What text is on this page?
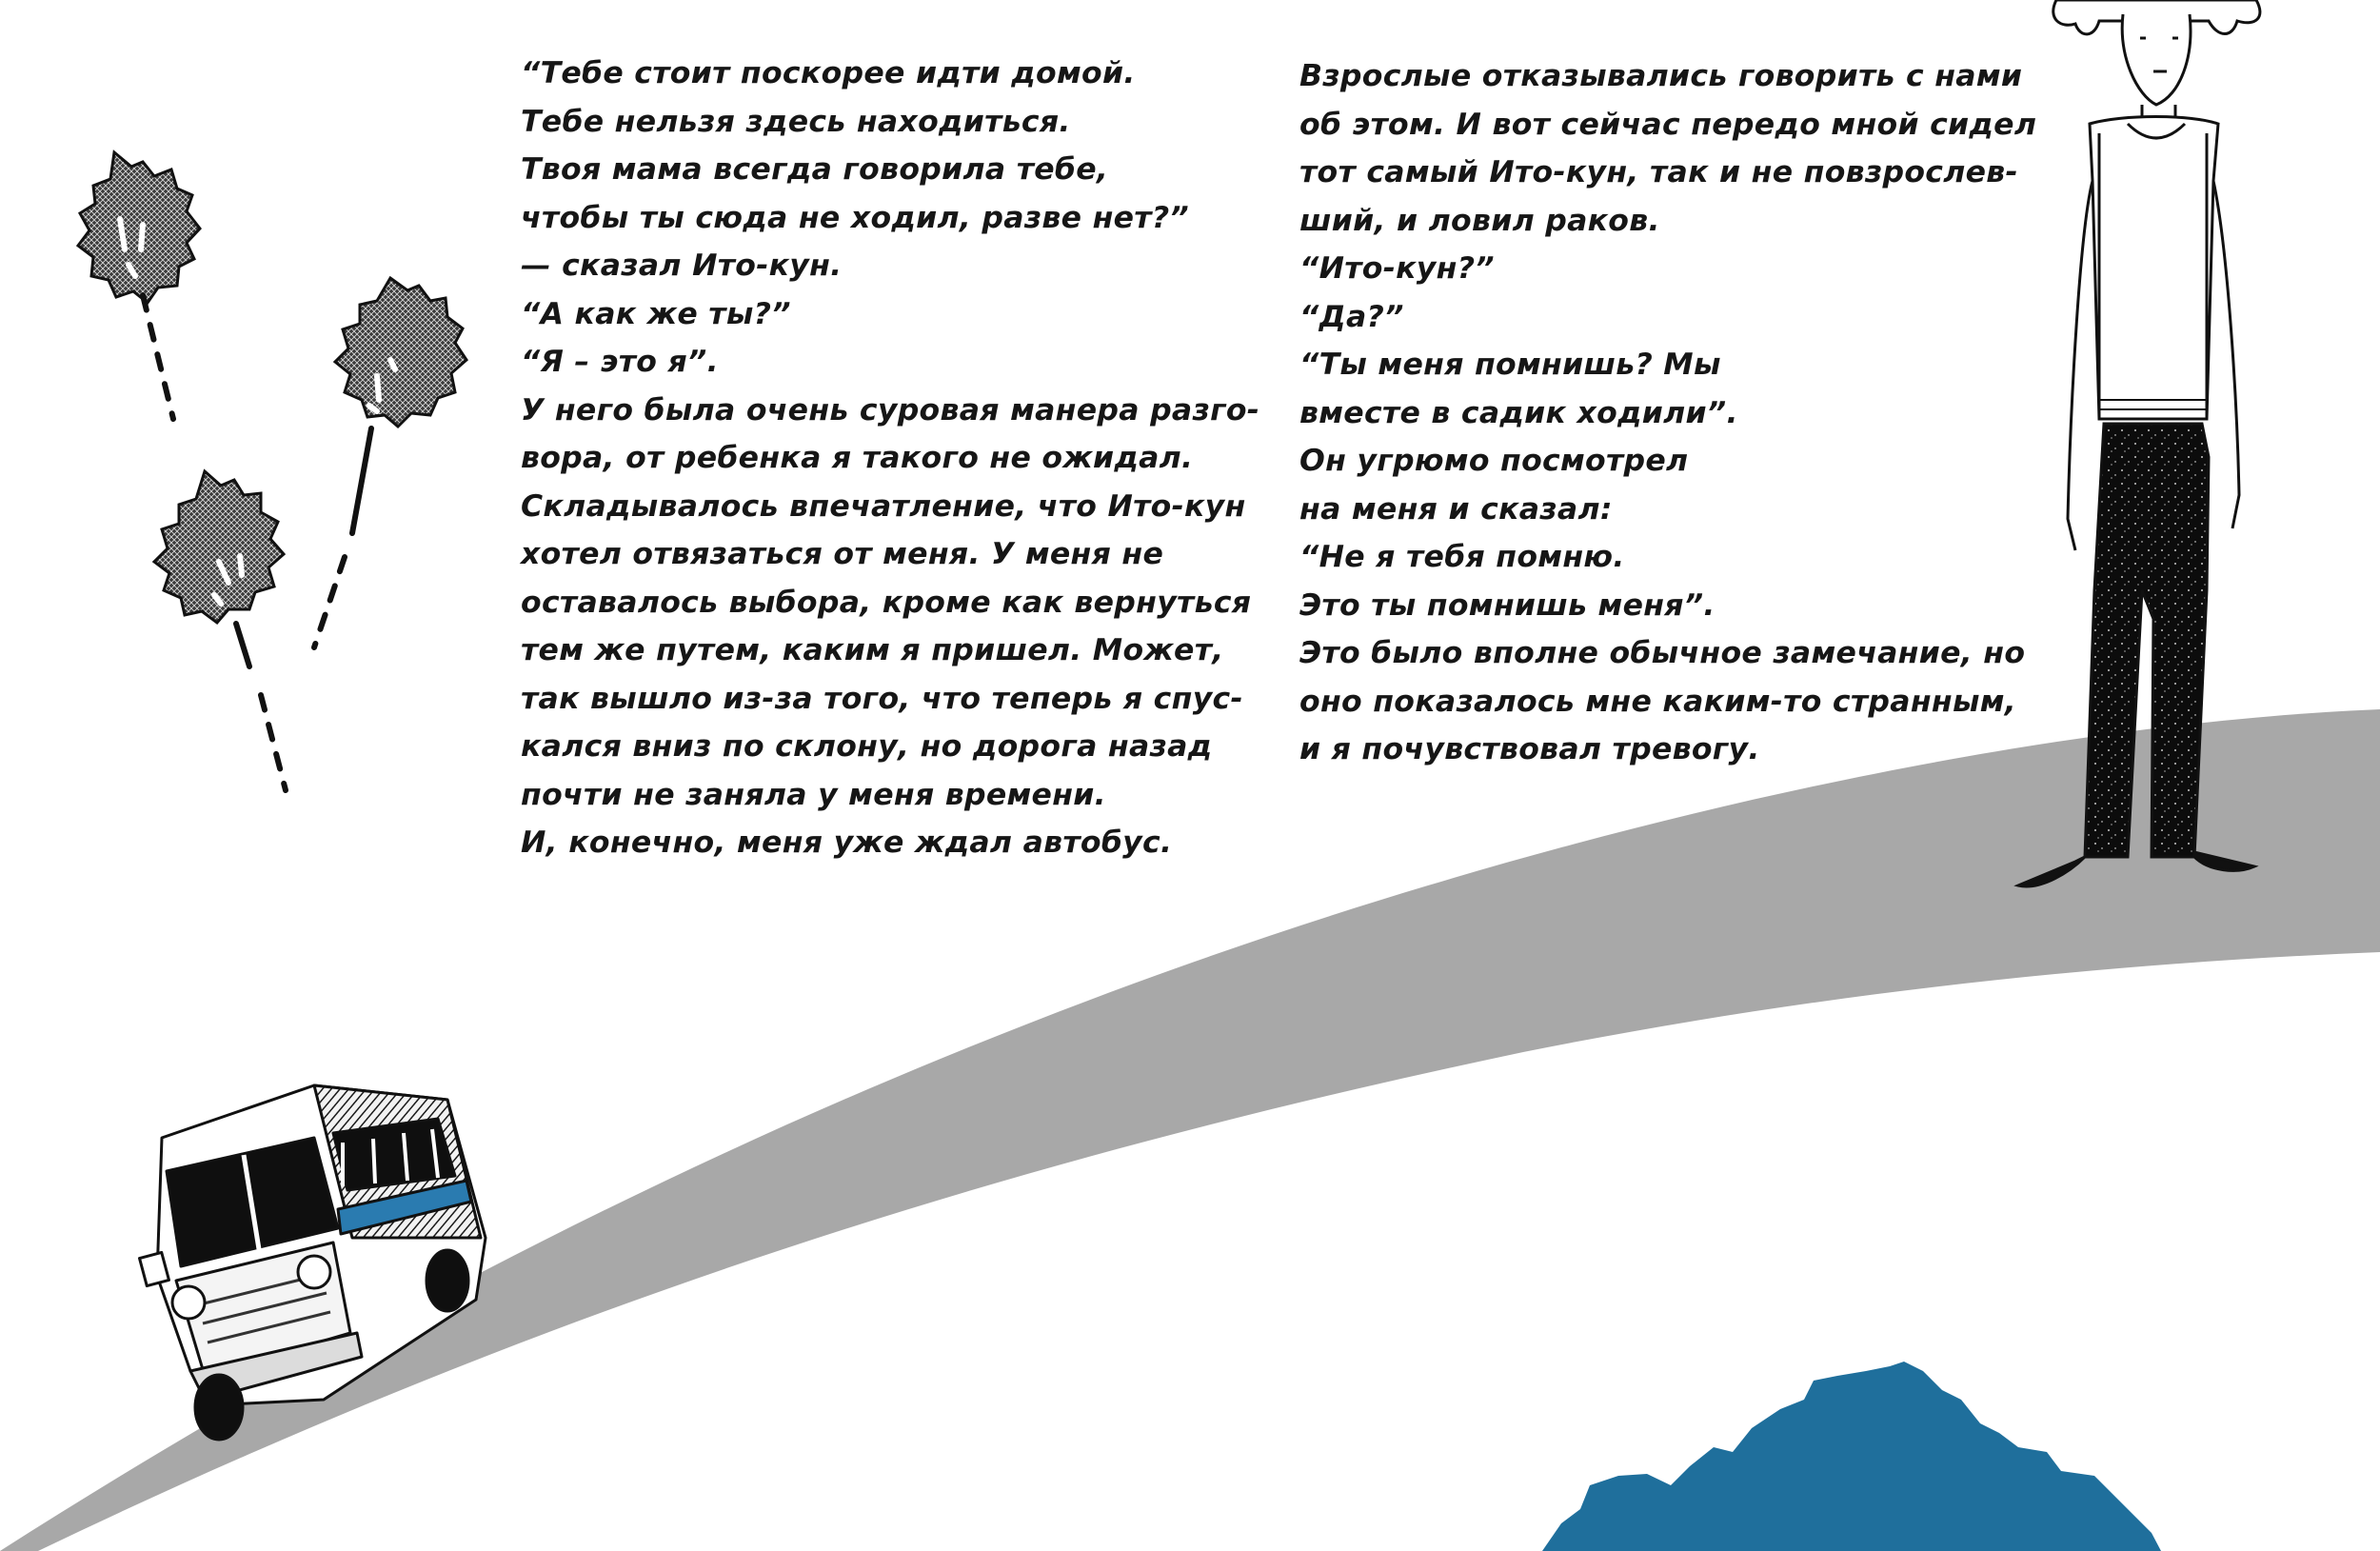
“Тебе стоит поскорее идти домой.
Тебе нельзя здесь находиться.
Твоя мама всегда говорила тебе,
чтобы ты сюда не ходил, разве нет?”
— сказал Ито-кун.
“А как же ты?”
“Я – это я”.
У него была очень суровая манера разго-
вора, от ребенка я такого не ожидал.
Складывалось впечатление, что Ито-кун
хотел отвязаться от меня. У меня не
оставалось выбора, кроме как вернуться
тем же путем, каким я пришел. Может,
так вышло из-за того, что теперь я спус-
кался вниз по склону, но дорога назад
почти не заняла у меня времени.
И, конечно, меня уже ждал автобус.
Взрослые отказывались говорить с нами
об этом. И вот сейчас передо мной сидел
тот самый Ито-кун, так и не повзрослев-
ший, и ловил раков.
“Ито-кун?”
“Да?”
“Ты меня помнишь? Мы
вместе в садик ходили”.
Он угрюмо посмотрел
на меня и сказал:
“Не я тебя помню.
Это ты помнишь меня”.
Это было вполне обычное замечание, но
оно показалось мне каким-то странным,
и я почувствовал тревогу.
